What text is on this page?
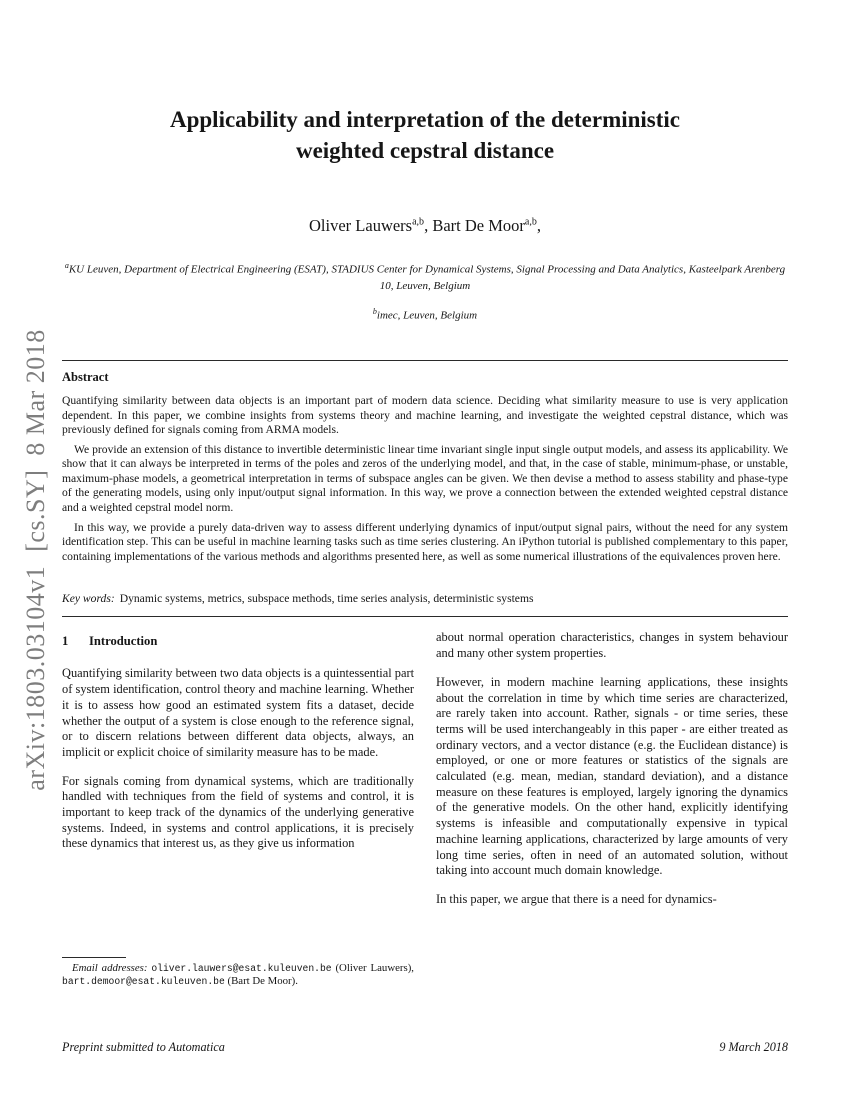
arXiv:1803.03104v1  [cs.SY]  8 Mar 2018
Applicability and interpretation of the deterministic
weighted cepstral distance
Oliver Lauwers$^{a,b}$, Bart De Moor$^{a,b}$,
$^a$KU Leuven, Department of Electrical Engineering (ESAT), STADIUS Center for Dynamical Systems, Signal Processing and Data Analytics, Kasteelpark Arenberg 10, Leuven, Belgium
$^b$imec, Leuven, Belgium
Abstract

Quantifying similarity between data objects is an important part of modern data science. Deciding what similarity measure to use is very application dependent. In this paper, we combine insights from systems theory and machine learning, and investigate the weighted cepstral distance, which was previously defined for signals coming from ARMA models.

We provide an extension of this distance to invertible deterministic linear time invariant single input single output models, and assess its applicability. We show that it can always be interpreted in terms of the poles and zeros of the underlying model, and that, in the case of stable, minimum-phase, or unstable, maximum-phase models, a geometrical interpretation in terms of subspace angles can be given. We then devise a method to assess stability and phase-type of the generating models, using only input/output signal information. In this way, we prove a connection between the extended weighted cepstral distance and a weighted cepstral model norm.

In this way, we provide a purely data-driven way to assess different underlying dynamics of input/output signal pairs, without the need for any system identification step. This can be useful in machine learning tasks such as time series clustering. An iPython tutorial is published complementary to this paper, containing implementations of the various methods and algorithms presented here, as well as some numerical illustrations of the equivalences proven here.

Key words: Dynamic systems, metrics, subspace methods, time series analysis, deterministic systems

1 Introduction

Quantifying similarity between two data objects is a quintessential part of system identification, control theory and machine learning. Whether it is to assess how good an estimated system fits a dataset, decide whether the output of a system is close enough to the reference signal, or to discern relations between different data objects, always, an implicit or explicit choice of similarity measure has to be made.

For signals coming from dynamical systems, which are traditionally handled with techniques from the field of systems and control, it is important to keep track of the dynamics of the underlying generative systems. Indeed, in systems and control applications, it is precisely these dynamics that interest us, as they give us information

Email addresses: oliver.lauwers@esat.kuleuven.be (Oliver Lauwers), bart.demoor@esat.kuleuven.be (Bart De Moor).

about normal operation characteristics, changes in system behaviour and many other system properties.

However, in modern machine learning applications, these insights about the correlation in time by which time series are characterized, are rarely taken into account. Rather, signals - or time series, these terms will be used interchangeably in this paper - are either treated as ordinary vectors, and a vector distance (e.g. the Euclidean distance) is employed, or one or more features or statistics of the signals are calculated (e.g. mean, median, standard deviation), and a distance measure on these features is employed, largely ignoring the dynamics of the generative models. On the other hand, explicitly identifying systems is infeasible and computationally expensive in typical machine learning applications, characterized by large amounts of very long time series, often in need of an automated solution, without taking into account much domain knowledge.

In this paper, we argue that there is a need for dynamics-

Preprint submitted to Automatica	9 March 2018
